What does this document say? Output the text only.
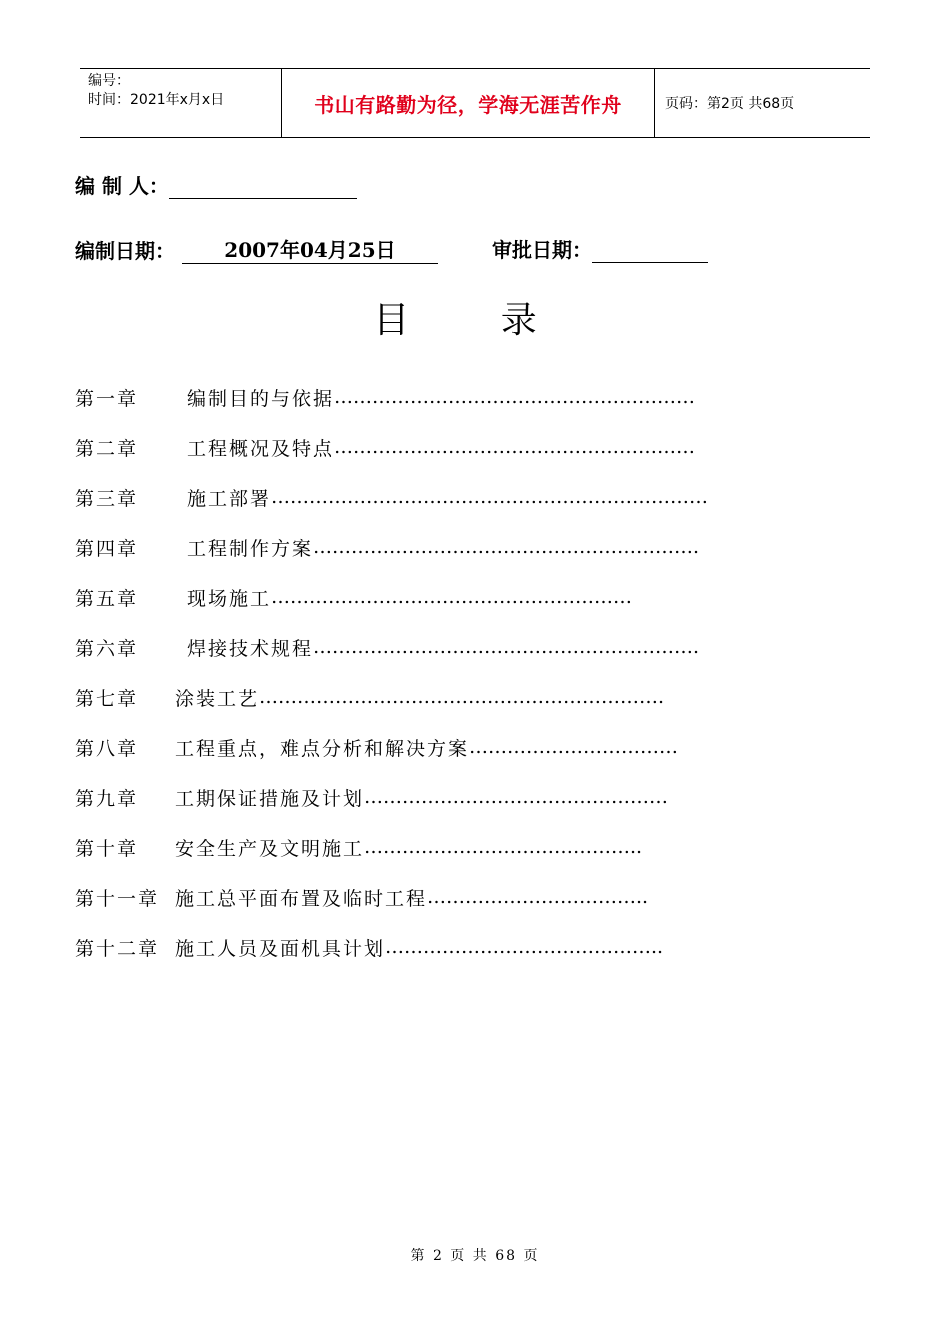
编号：
时间：2021年x月x日	书山有路勤为径，学海无涯苦作舟	页码：第2页 共68页
编 制 人：
编制日期： 2007年04月25日	审批日期：
目 录
第一章	编制目的与依据 …………………………………………………
第二章	工程概况及特点 …………………………………………………
第三章	施工部署 ……………………………………………………………
第四章	工程制作方案 …………………………………………………….
第五章	现场施工 …………………………………………………
第六章	焊接技术规程 …………………………………………………….
第七章	涂装工艺 ……………………………………………………….
第八章	工程重点，难点分析和解决方案 ……………………………
第九章	工期保证措施及计划 …………………………………………
第十章	安全生产及文明施工 ……………………………………..
第十一章 施工总平面布置及临时工程 ……………………………..
第十二章 施工人员及面机具计划 ……………………………………..
第 2 页 共 68 页
